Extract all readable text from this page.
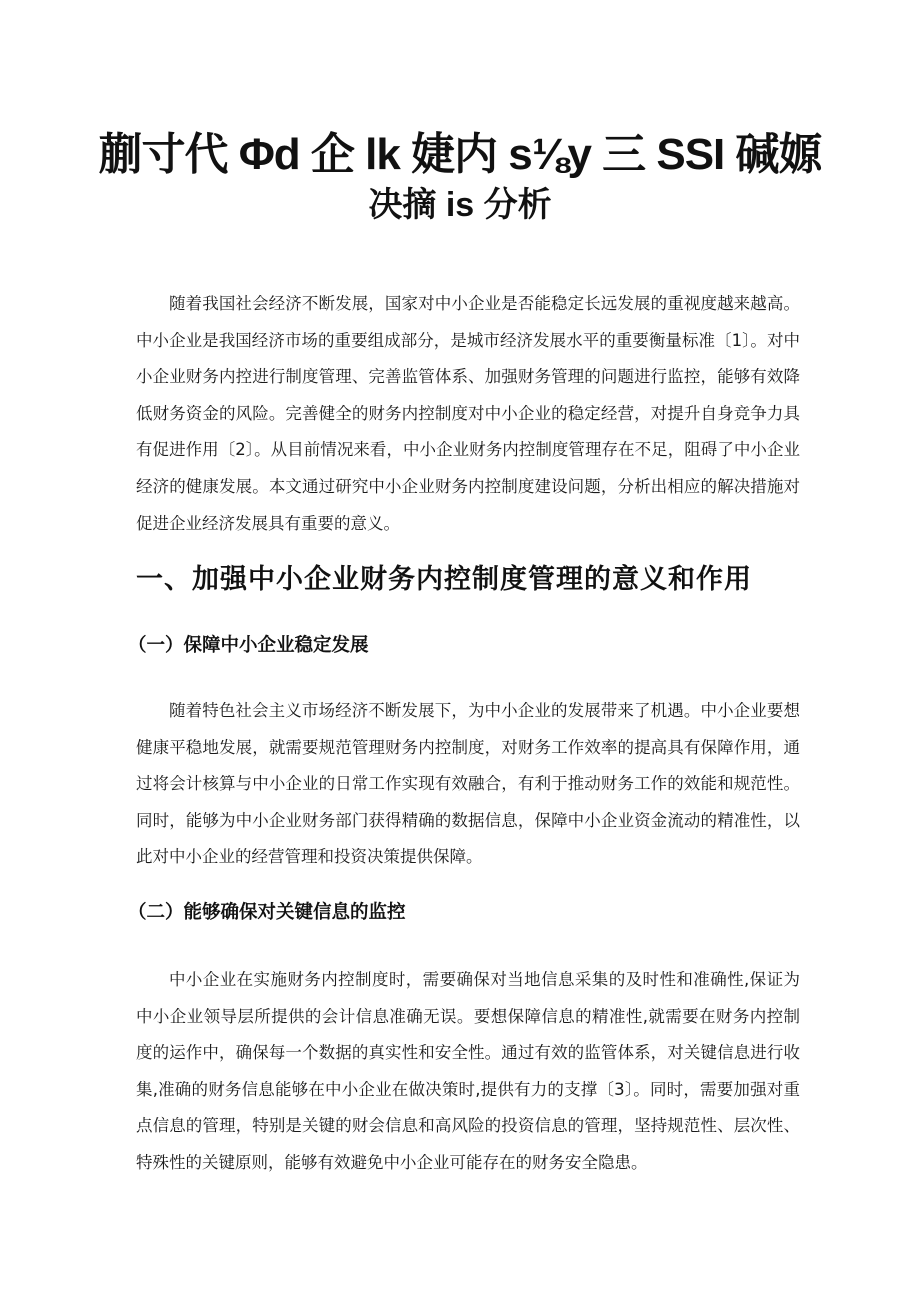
蒯寸代 Φd 企 lk 婕内 s⅛y 三 SSI 碱嫄
决摘 is 分析

随着我国社会经济不断发展，国家对中小企业是否能稳定长远发展的重视度越来越高。中小企业是我国经济市场的重要组成部分，是城市经济发展水平的重要衡量标准〔1〕。对中小企业财务内控进行制度管理、完善监管体系、加强财务管理的问题进行监控，能够有效降低财务资金的风险。完善健全的财务内控制度对中小企业的稳定经营，对提升自身竞争力具有促进作用〔2〕。从目前情况来看，中小企业财务内控制度管理存在不足，阻碍了中小企业经济的健康发展。本文通过研究中小企业财务内控制度建设问题，分析出相应的解决措施对促进企业经济发展具有重要的意义。

一、加强中小企业财务内控制度管理的意义和作用
（一）保障中小企业稳定发展

随着特色社会主义市场经济不断发展下，为中小企业的发展带来了机遇。中小企业要想健康平稳地发展，就需要规范管理财务内控制度，对财务工作效率的提高具有保障作用，通过将会计核算与中小企业的日常工作实现有效融合，有利于推动财务工作的效能和规范性。同时，能够为中小企业财务部门获得精确的数据信息，保障中小企业资金流动的精准性，以此对中小企业的经营管理和投资决策提供保障。

（二）能够确保对关键信息的监控

中小企业在实施财务内控制度时，需要确保对当地信息采集的及时性和准确性,保证为中小企业领导层所提供的会计信息准确无误。要想保障信息的精准性,就需要在财务内控制度的运作中，确保每一个数据的真实性和安全性。通过有效的监管体系，对关键信息进行收集,准确的财务信息能够在中小企业在做决策时,提供有力的支撑〔3〕。同时，需要加强对重点信息的管理，特别是关键的财会信息和高风险的投资信息的管理，坚持规范性、层次性、特殊性的关键原则，能够有效避免中小企业可能存在的财务安全隐患。
